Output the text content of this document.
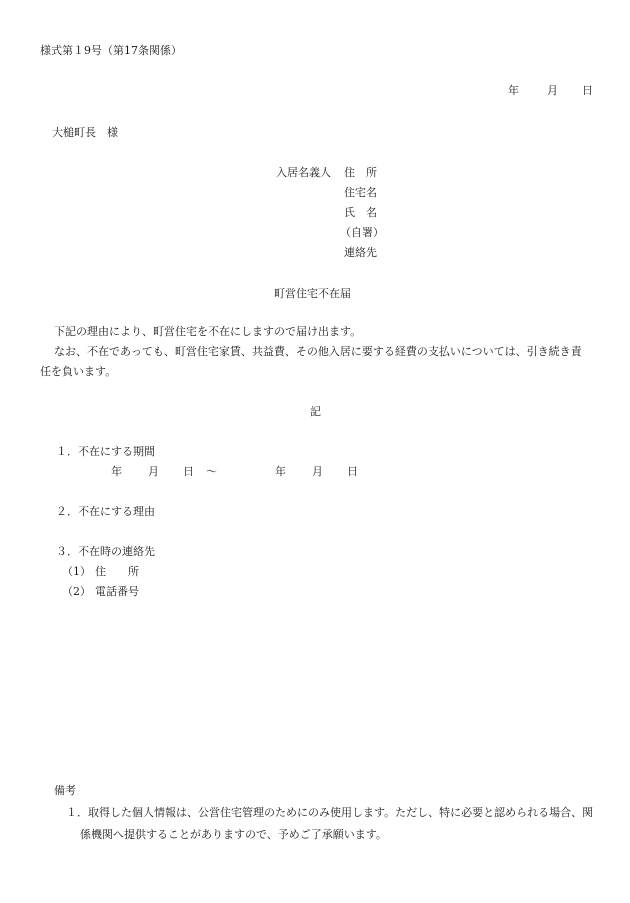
様式第１9号（第17条関係）
年	月 日
大槌町長　様
入居名義人 住　所
住宅名
氏　名
（自署）
連絡先
町営住宅不在届
下記の理由により、町営住宅を不在にしますので届け出ます。
なお、不在であっても、町営住宅家賃、共益費、その他入居に要する経費の支払いについては、引き続き責任を負います。
記
１．不在にする期間
年 月 日 ～	年 月 日
２．不在にする理由
３．不在時の連絡先
（1） 住　　所
（2） 電話番号
備考
１．取得した個人情報は、公営住宅管理のためにのみ使用します。ただし、特に必要と認められる場合、関係機関へ提供することがありますので、予めご了承願います。
